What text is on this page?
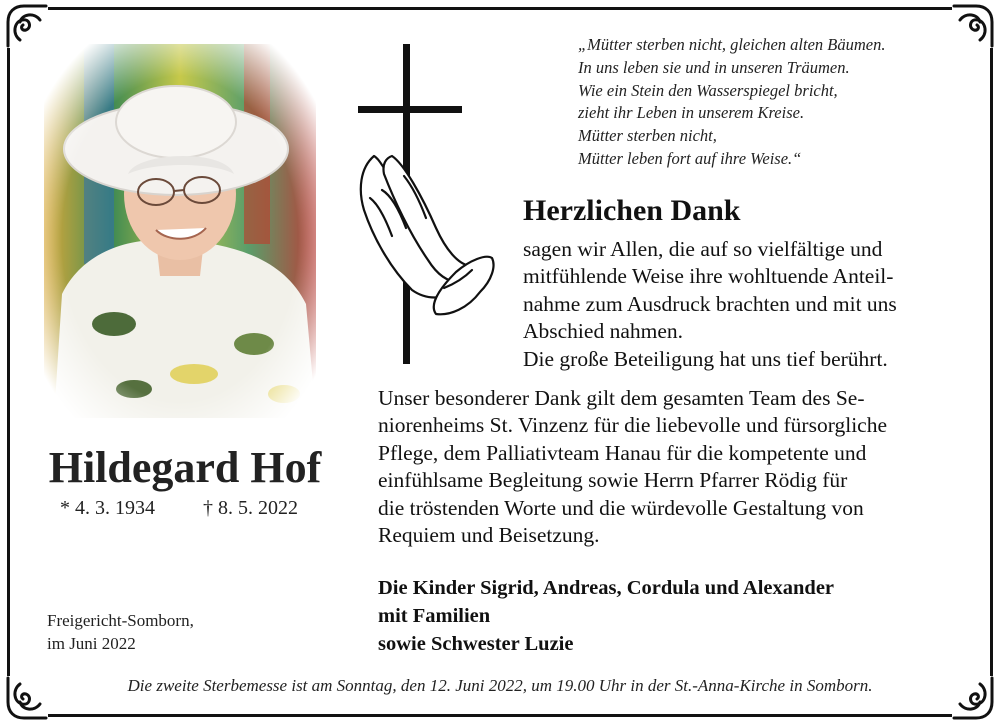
Hildegard Hof
* 4. 3. 1934 † 8. 5. 2022
Freigericht-Somborn,
im Juni 2022
„Mütter sterben nicht, gleichen alten Bäumen.
In uns leben sie und in unseren Träumen.
Wie ein Stein den Wasserspiegel bricht,
zieht ihr Leben in unserem Kreise.
Mütter sterben nicht,
Mütter leben fort auf ihre Weise.“
Herzlichen Dank
sagen wir Allen, die auf so vielfältige und
mitfühlende Weise ihre wohltuende Anteil-
nahme zum Ausdruck brachten und mit uns
Abschied nahmen.
Die große Beteiligung hat uns tief berührt.
Unser besonderer Dank gilt dem gesamten Team des Se-
niorenheims St. Vinzenz für die liebevolle und fürsorgliche
Pflege, dem Palliativteam Hanau für die kompetente und
einfühlsame Begleitung sowie Herrn Pfarrer Rödig für
die tröstenden Worte und die würdevolle Gestaltung von
Requiem und Beisetzung.
Die Kinder Sigrid, Andreas, Cordula und Alexander
mit Familien
sowie Schwester Luzie
Die zweite Sterbemesse ist am Sonntag, den 12. Juni 2022, um 19.00 Uhr in der St.-Anna-Kirche in Somborn.
